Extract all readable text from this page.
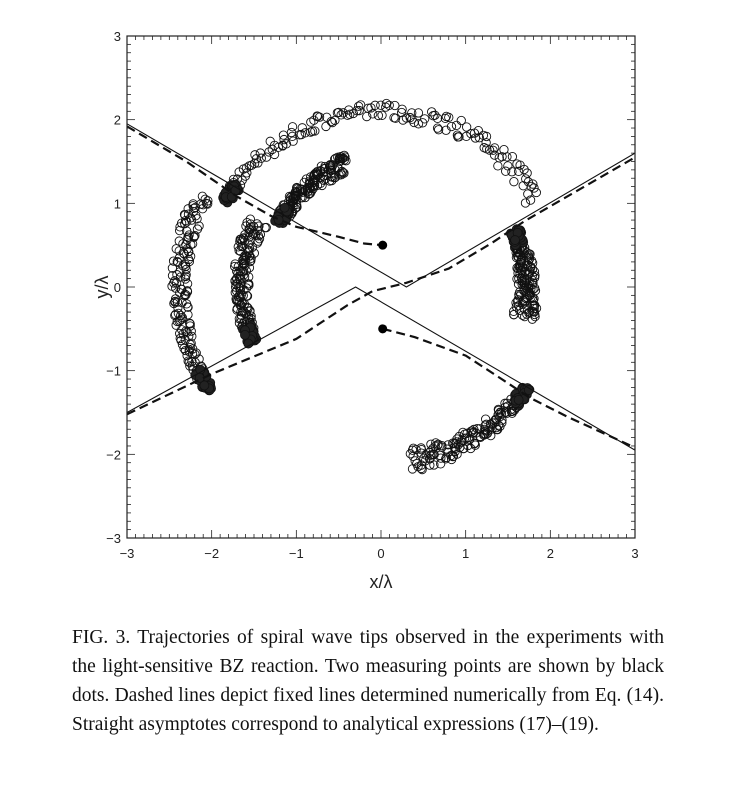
−3	−2	−1	0	1	2	3
−3
−2
−1
0
1
2
3
x/λ
y/λ

FIG. 3. Trajectories of spiral wave tips observed in the experiments with the light-sensitive BZ reaction. Two measuring points are shown by black dots. Dashed lines depict fixed lines determined numerically from Eq. (14). Straight asymptotes correspond to analytical expressions (17)–(19).
